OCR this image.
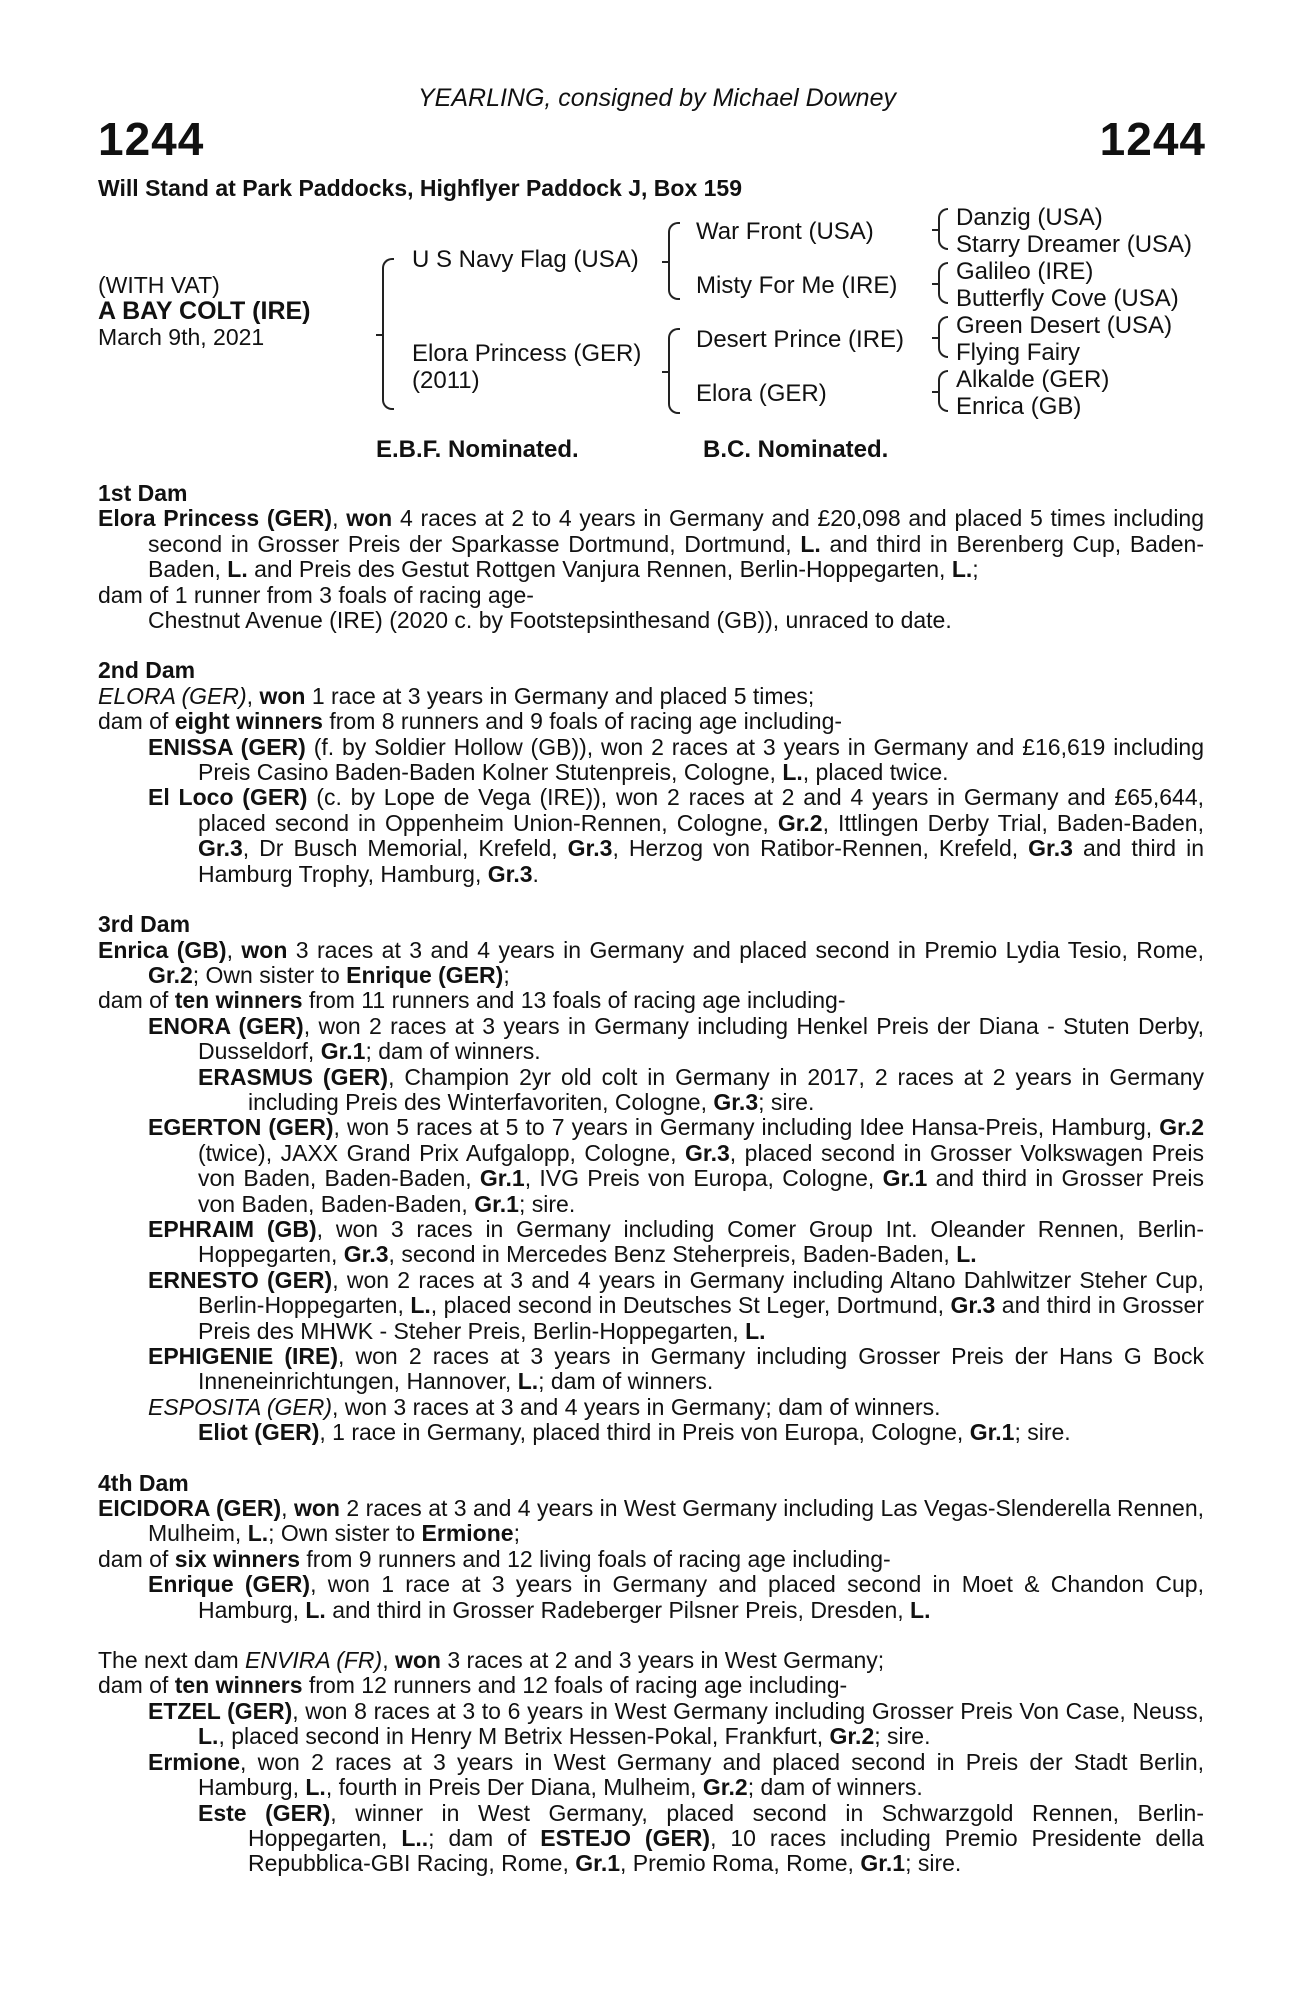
YEARLING, consigned by Michael Downey
1244	1244
Will Stand at Park Paddocks, Highflyer Paddock J, Box 159
(WITH VAT)
A BAY COLT (IRE)
March 9th, 2021
U S Navy Flag (USA)
Elora Princess (GER)
(2011)
War Front (USA)
Misty For Me (IRE)
Desert Prince (IRE)
Elora (GER)
Danzig (USA)
Starry Dreamer (USA)
Galileo (IRE)
Butterfly Cove (USA)
Green Desert (USA)
Flying Fairy
Alkalde (GER)
Enrica (GB)
E.B.F. Nominated.	B.C. Nominated.
1st Dam
Elora Princess (GER), won 4 races at 2 to 4 years in Germany and £20,098 and placed 5 times including second in Grosser Preis der Sparkasse Dortmund, Dortmund, L. and third in Berenberg Cup, Baden-Baden, L. and Preis des Gestut Rottgen Vanjura Rennen, Berlin-Hoppegarten, L.;
dam of 1 runner from 3 foals of racing age-
Chestnut Avenue (IRE) (2020 c. by Footstepsinthesand (GB)), unraced to date.
2nd Dam
ELORA (GER), won 1 race at 3 years in Germany and placed 5 times;
dam of eight winners from 8 runners and 9 foals of racing age including-
ENISSA (GER) (f. by Soldier Hollow (GB)), won 2 races at 3 years in Germany and £16,619 including Preis Casino Baden-Baden Kolner Stutenpreis, Cologne, L., placed twice.
El Loco (GER) (c. by Lope de Vega (IRE)), won 2 races at 2 and 4 years in Germany and £65,644, placed second in Oppenheim Union-Rennen, Cologne, Gr.2, Ittlingen Derby Trial, Baden-Baden, Gr.3, Dr Busch Memorial, Krefeld, Gr.3, Herzog von Ratibor-Rennen, Krefeld, Gr.3 and third in Hamburg Trophy, Hamburg, Gr.3.
3rd Dam
Enrica (GB), won 3 races at 3 and 4 years in Germany and placed second in Premio Lydia Tesio, Rome, Gr.2; Own sister to Enrique (GER);
dam of ten winners from 11 runners and 13 foals of racing age including-
ENORA (GER), won 2 races at 3 years in Germany including Henkel Preis der Diana - Stuten Derby, Dusseldorf, Gr.1; dam of winners.
ERASMUS (GER), Champion 2yr old colt in Germany in 2017, 2 races at 2 years in Germany including Preis des Winterfavoriten, Cologne, Gr.3; sire.
EGERTON (GER), won 5 races at 5 to 7 years in Germany including Idee Hansa-Preis, Hamburg, Gr.2 (twice), JAXX Grand Prix Aufgalopp, Cologne, Gr.3, placed second in Grosser Volkswagen Preis von Baden, Baden-Baden, Gr.1, IVG Preis von Europa, Cologne, Gr.1 and third in Grosser Preis von Baden, Baden-Baden, Gr.1; sire.
EPHRAIM (GB), won 3 races in Germany including Comer Group Int. Oleander Rennen, Berlin-Hoppegarten, Gr.3, second in Mercedes Benz Steherpreis, Baden-Baden, L.
ERNESTO (GER), won 2 races at 3 and 4 years in Germany including Altano Dahlwitzer Steher Cup, Berlin-Hoppegarten, L., placed second in Deutsches St Leger, Dortmund, Gr.3 and third in Grosser Preis des MHWK - Steher Preis, Berlin-Hoppegarten, L.
EPHIGENIE (IRE), won 2 races at 3 years in Germany including Grosser Preis der Hans G Bock Inneneinrichtungen, Hannover, L.; dam of winners.
ESPOSITA (GER), won 3 races at 3 and 4 years in Germany; dam of winners.
Eliot (GER), 1 race in Germany, placed third in Preis von Europa, Cologne, Gr.1; sire.
4th Dam
EICIDORA (GER), won 2 races at 3 and 4 years in West Germany including Las Vegas-Slenderella Rennen, Mulheim, L.; Own sister to Ermione;
dam of six winners from 9 runners and 12 living foals of racing age including-
Enrique (GER), won 1 race at 3 years in Germany and placed second in Moet & Chandon Cup, Hamburg, L. and third in Grosser Radeberger Pilsner Preis, Dresden, L.
The next dam ENVIRA (FR), won 3 races at 2 and 3 years in West Germany;
dam of ten winners from 12 runners and 12 foals of racing age including-
ETZEL (GER), won 8 races at 3 to 6 years in West Germany including Grosser Preis Von Case, Neuss, L., placed second in Henry M Betrix Hessen-Pokal, Frankfurt, Gr.2; sire.
Ermione, won 2 races at 3 years in West Germany and placed second in Preis der Stadt Berlin, Hamburg, L., fourth in Preis Der Diana, Mulheim, Gr.2; dam of winners.
Este (GER), winner in West Germany, placed second in Schwarzgold Rennen, Berlin-Hoppegarten, L..; dam of ESTEJO (GER), 10 races including Premio Presidente della Repubblica-GBI Racing, Rome, Gr.1, Premio Roma, Rome, Gr.1; sire.
